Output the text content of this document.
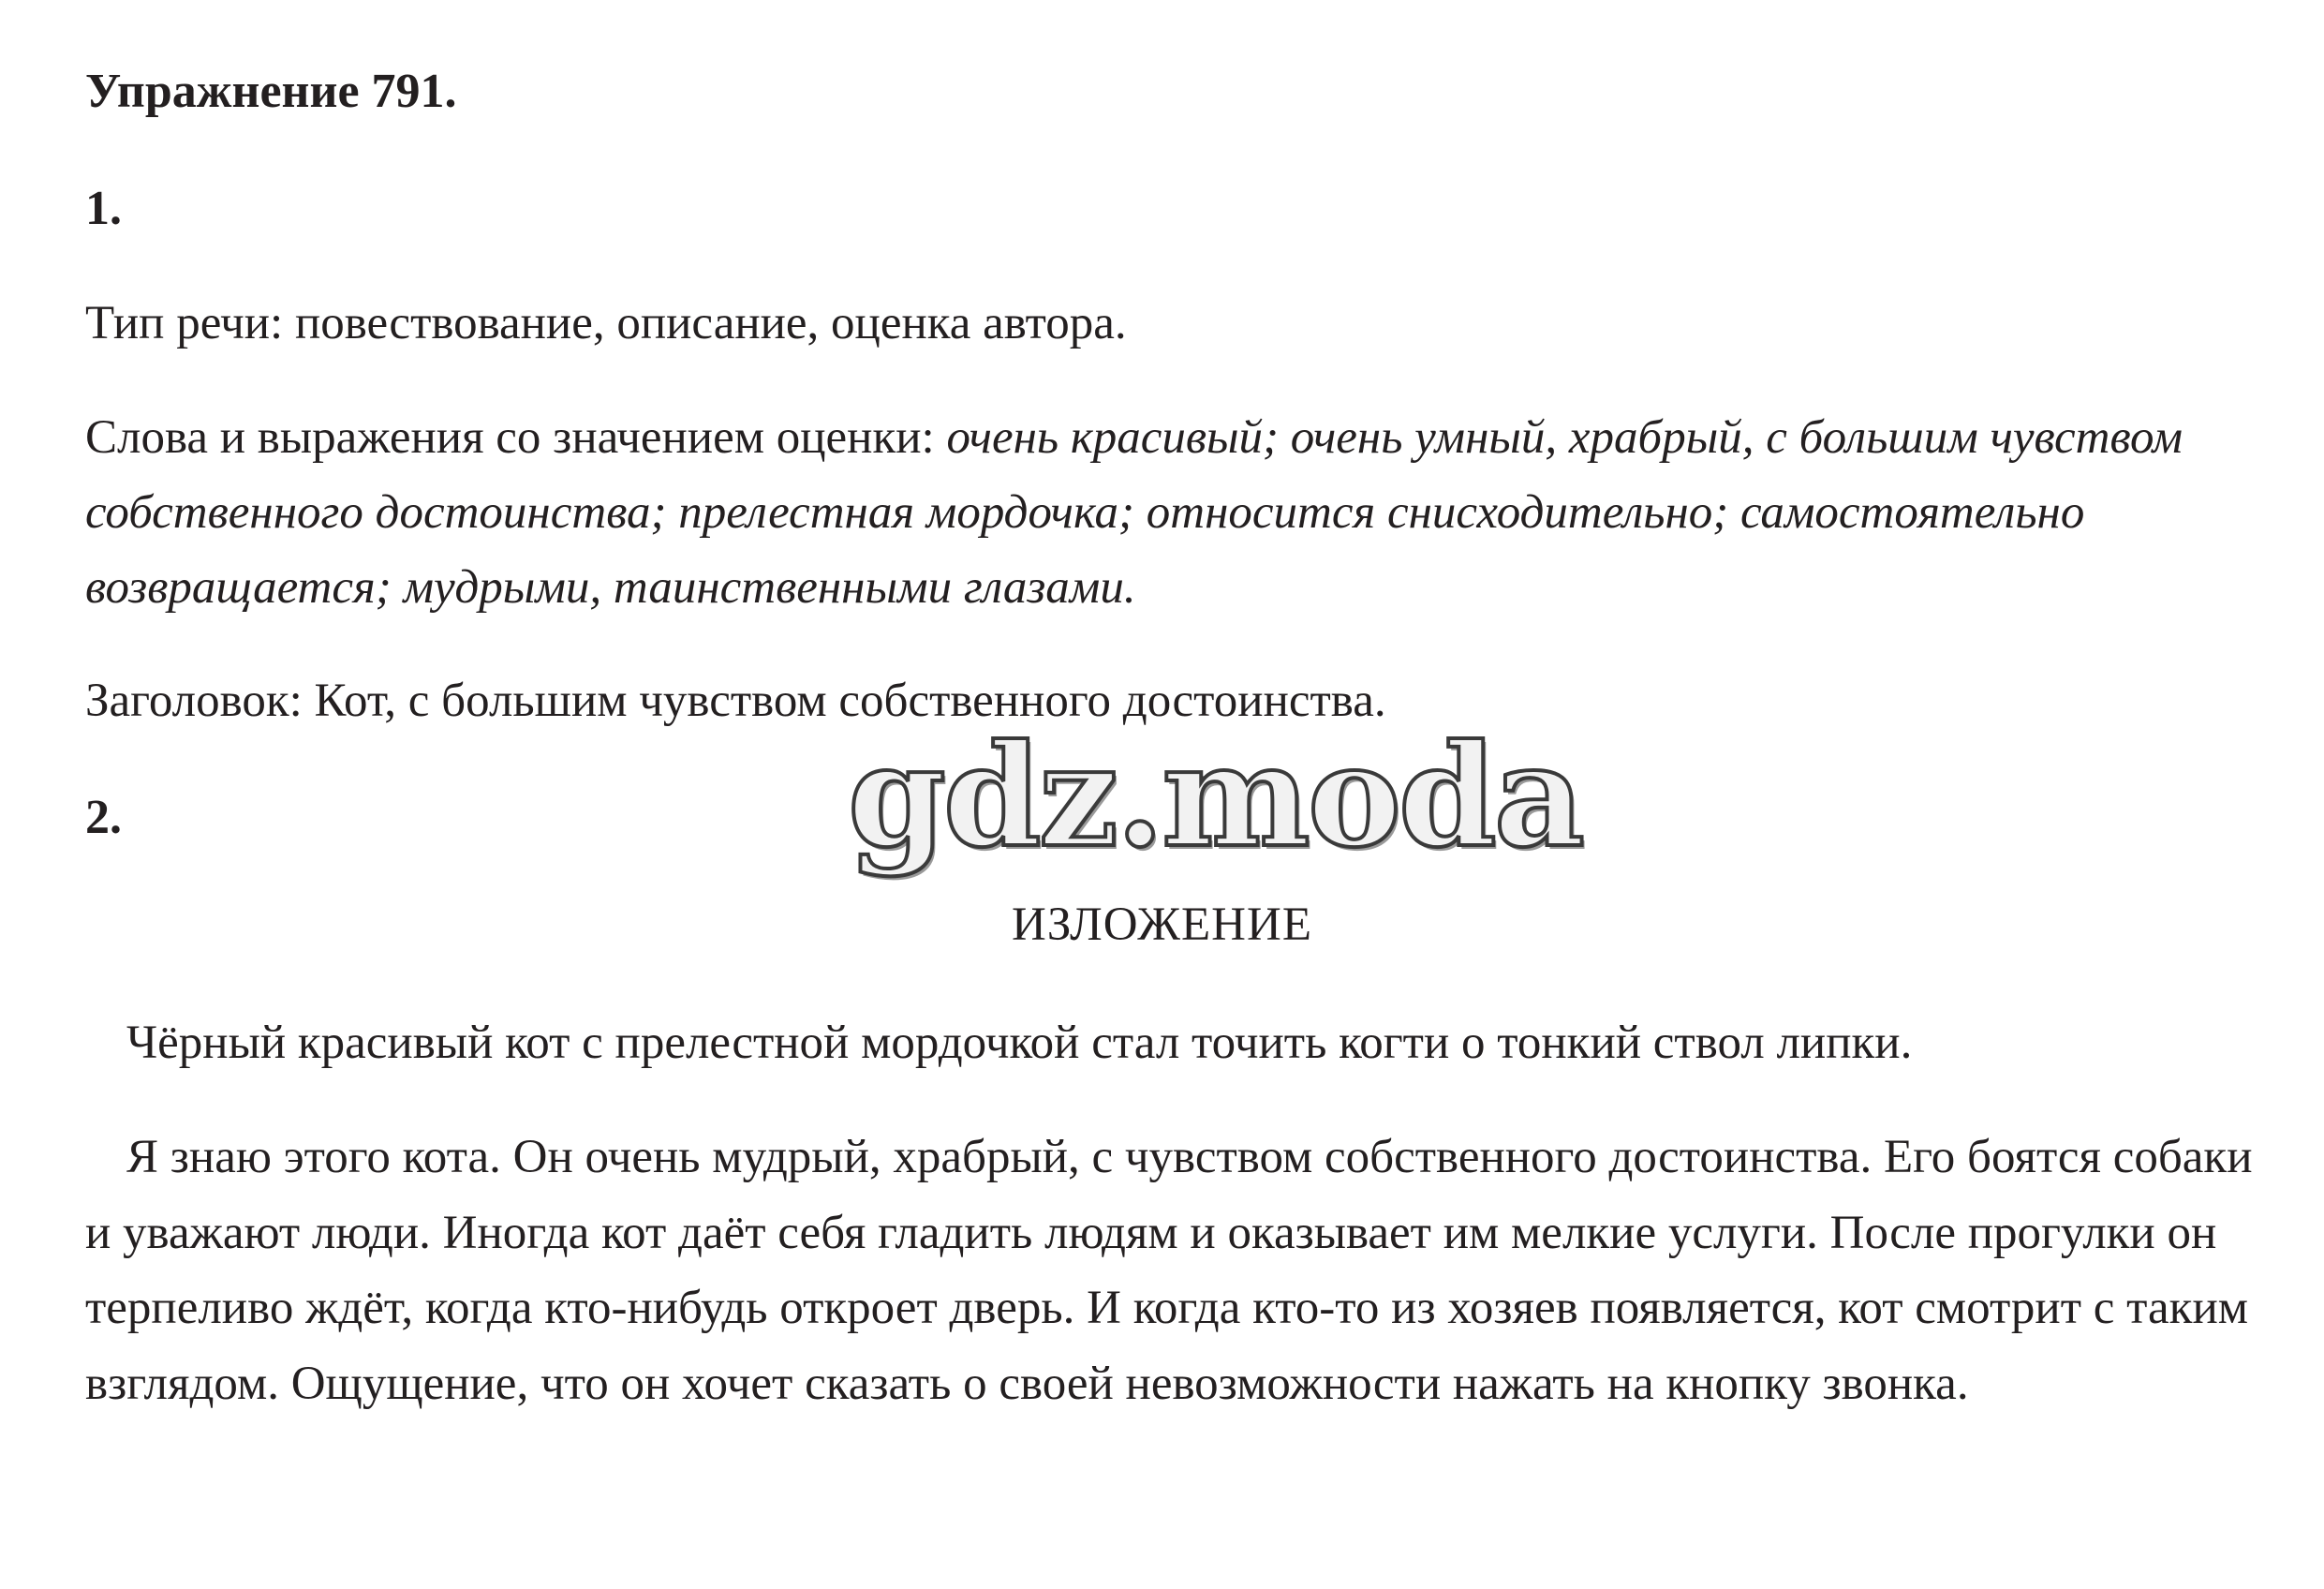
Упражнение 791.

1.

Тип речи: повествование, описание, оценка автора.

Слова и выражения со значением оценки: очень красивый; очень умный, храбрый, с большим чувством собственного достоинства; прелестная мордочка; относится снисходительно; самостоятельно возвращается; мудрыми, таинственными глазами.

Заголовок: Кот, с большим чувством собственного достоинства.

2.	gdz.moda

ИЗЛОЖЕНИЕ

Чёрный красивый кот с прелестной мордочкой стал точить когти о тонкий ствол липки.

Я знаю этого кота. Он очень мудрый, храбрый, с чувством собственного достоинства. Его боятся собаки и уважают люди. Иногда кот даёт себя гладить людям и оказывает им мелкие услуги. После прогулки он терпеливо ждёт, когда кто-нибудь откроет дверь. И когда кто-то из хозяев появляется, кот смотрит с таким взглядом. Ощущение, что он хочет сказать о своей невозможности нажать на кнопку звонка.
